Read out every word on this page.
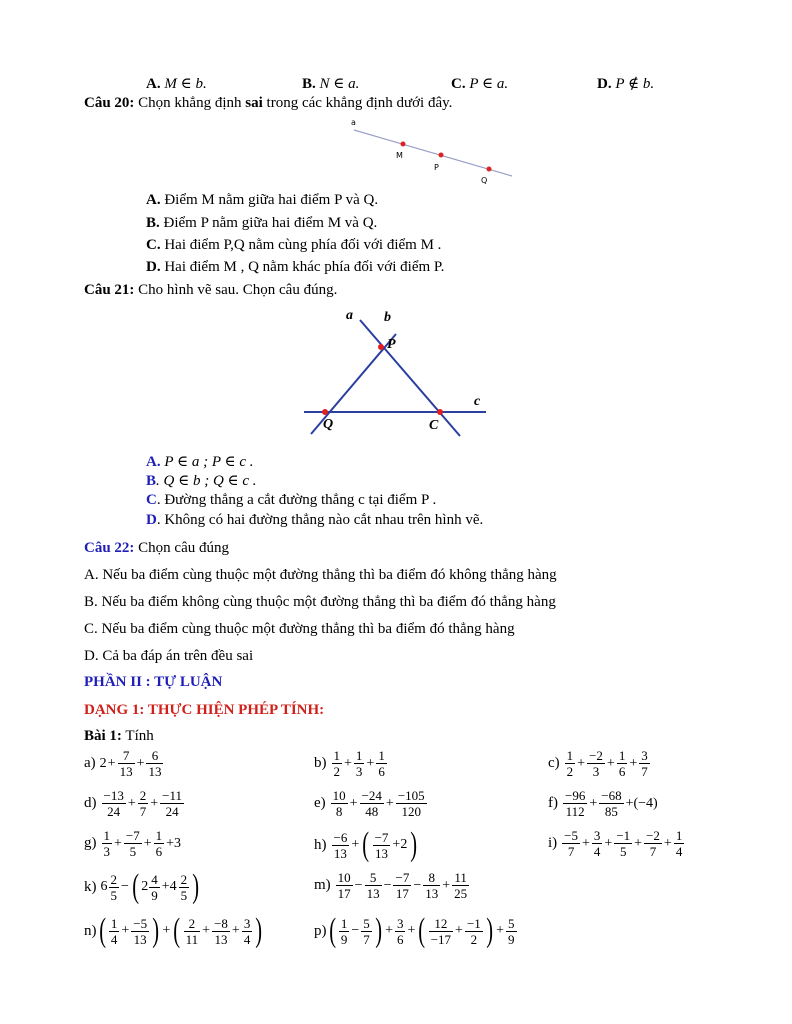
A. M ∈ b.	B. N ∈ a.	C. P ∈ a.	D. P ∉ b.
Câu 20: Chọn khẳng định sai trong các khẳng định dưới đây.
a
M
P
Q
A. Điểm M nằm giữa hai điểm P và Q.
B. Điểm P nằm giữa hai điểm M và Q.
C. Hai điểm P,Q nằm cùng phía đối với điểm M .
D. Hai điểm M , Q nằm khác phía đối với điểm P.
Câu 21: Cho hình vẽ sau. Chọn câu đúng.
a b
c
P
Q	C
A. P ∈ a ; P ∈ c .
B. Q ∈ b ; Q ∈ c .
C. Đường thẳng a cắt đường thẳng c tại điểm P .
D. Không có hai đường thẳng nào cắt nhau trên hình vẽ.
Câu 22: Chọn câu đúng
A. Nếu ba điểm cùng thuộc một đường thẳng thì ba điểm đó không thẳng hàng
B. Nếu ba điểm không cùng thuộc một đường thẳng thì ba điểm đó thẳng hàng
C. Nếu ba điểm cùng thuộc một đường thẳng thì ba điểm đó thẳng hàng
D. Cả ba đáp án trên đều sai
PHẦN II : TỰ LUẬN
DẠNG 1: THỰC HIỆN PHÉP TÍNH:
Bài 1: Tính
a) $2 + \frac{7}{13} + \frac{6}{13}$	$b) \frac{1}{2} + \frac{1}{3} + \frac{1}{6}$	$c) \frac{1}{2} + \frac{-2}{3} + \frac{1}{6} + \frac{3}{7}$
$d) \frac{-13}{24} + \frac{2}{7} + \frac{-11}{24}$	$e) \frac{10}{8} + \frac{-24}{48} + \frac{-105}{120}$	$f) \frac{-96}{112} + \frac{-68}{85} +(-4)$
$g) \frac{1}{3} + \frac{-7}{5} + \frac{1}{6} +3$	$h) \frac{-6}{13}$ + ( $\frac{-7}{13} +2$ )	$i) \frac{-5}{7} + \frac{3}{4} + \frac{-1}{5} + \frac{-2}{7} + \frac{1}{4}$
k) $6 \frac{2}{5}$ − ( $2 \frac{4}{9} +4 \frac{2}{5}$ )	$m) \frac{10}{17} - \frac{5}{13} - \frac{-7}{17} - \frac{8}{13} + \frac{11}{25}$
n) ( $\frac{1}{4} + \frac{-5}{13}$ ) + ( $\frac{2}{11} + \frac{-8}{13} + \frac{3}{4}$ )	p) ( $\frac{1}{9} - \frac{5}{7}$ ) + $\frac{3}{6}$ + ( $\frac{12}{-17} + \frac{-1}{2}$ ) + $\frac{5}{9}$
